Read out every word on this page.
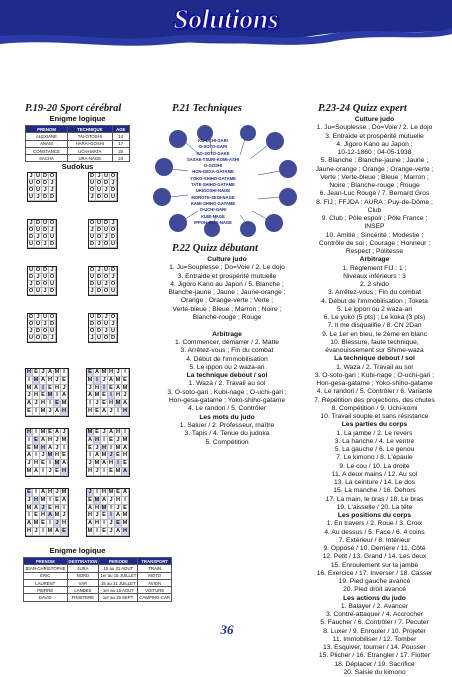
Solutions
P.19-20 Sport cérébral
Enigme logique
PRENOM	TECHNIQUE	AGE
ALEXIANE	TAI-OTOSHI	14
ANAIS	HARAI-GOSHI	17
CONSTANCE	UCHI-MATA	20
SACHA	URA-NAGE	23
Sudokus
J U D O
U O D J
O U J J
U J D D
D J U O
U O D J
O U J D
J D O U
J D U O
O U D J
D J O U
U O J D
O U D J
J D U O
U O J D
D J O U
U O D J
D J U O
J D O U
O U J D
O J U D
U D O J
D U J O
J D O U
D J U O
O U J D
J D O U
U O D J
U D J O
D O U J
O D J U
J U O D
H E J A M I
I M A H J E
M A I E H J
J H E M I A
A J H I E M
E I M J A H
E A M H J I
M I J A M E
J H I E A M
A M E I H J
I J E H M A
H E A J I H
H I M E A J
I E A H J M
E M H A J I
A I J M H E
J H E I M A
M A I J E H
M E J A H I
A H I E J M
E J H I M A
I A M J E H
J M A H I E
H J I E M A
E I A H J M
J H M I E A
M A J E H I
I E H A M J
A M E I J H
H J I M A E
J I H M E A
E M A J H I
A H M I J E
H J E I A M
A H I J E M
M I E J A H
Enigme logique
PRENOM	DESTINATION	PERIODE	TRANSPORT
JEAN-CHRISTOPHE	JURA	15 au 31 AOUT	TRAIN
ERIC	NORD	1er au 15 JUILLET	MOTO
LAURENT	VAR	15 au 31 JUILLET	AVION
PIERRE	LANDES	1er au 15 AOUT	VOITURE
DAVID	FINISTERE	1er au 15 SEPT.	CAMPING-CAR
P.21 Techniques
KO-UCHI-GARI
O-SOTO-GARI
KO-SOTO-GAKE
SASAE-TSURI-KOMI-ASHI
O-GOSHI
HON-GESA-GATAME
YOKO-SHIHO-GATAME
TATE-SHIHO-GATAME
UKIGOSHI-NAGE
MOROTE-SEOI-NAGE
KAMI-SHIHO-GATAME
O-UCHI-GARI
KUBI-NAGE
IPPON-SEOI-NAGE
P.22 Quizz débutant
Culture judo
1. Ju=Souplesse ; Do=Voie / 2. Le dojo
3. Entraide et prospérité mutuelle
4. Jigoro Kano au Japon / 5. Blanche ;
Blanche-jaune ; Jaune ; Jaune-orange ;
Orange ; Orange-verte ; Verte ;
Verte-bleue ; Bleue ; Marron ; Noire ;
Blanche-rouge ; Rouge

Arbitrage
1. Commencer, démarrer / 2. Matte
3. Arrêtez-vous ; Fin du combat
4. Début de l'immobilisation
5. Le ippon ou 2 waza-ari
La technique debout / sol
1. Waza / 2. Travail au sol
3. O-soto-gari ; Kubi-nage ; O-uchi-gari ;
Hon-gesa-gatame ; Yoko-shiho-gatame
4. Le randori / 5. Contrôler
Les mots du judo
1. Saluer / 2. Professeur, maître
3. Tapis / 4. Tenue du judoka
5. Compétition
P.23-24 Quizz expert
Culture judo
1. Ju=Souplesse ; Do=Voie / 2. Le dojo
3. Entraide et prospérité mutuelle
4. Jigoro Kano au Japon ;
10-12-1860 ; 04-05-1938
5. Blanche ; Blanche-jaune ; Jaune ;
Jaune-orange ; Orange ; Orange-verte ;
Verte ; Verte-bleue ; Bleue ; Marron ;
Noire ; Blanche-rouge ; Rouge
6. Jean-Luc Rougé / 7. Bernard Gros
8. FIJ ; FFJDA ; AURA ; Puy-de-Dôme ;
Club
9. Club ; Pôle espoir ; Pôle France ;
INSEP
10. Amitié ; Sincérité ; Modestie ;
Contrôle de soi ; Courage ; Honneur ;
Respect ; Politesse
Arbitrage
1. Règlement FIJ : 1 ;
Niveaux inférieurs : 3
2. 2 shido
3. Arrêtez-vous ; Fin du combat
4. Début de l'immobilisation ; Toketa
5. Le ippon ou 2 waza-ari
6. Le yuko (5 pts) ; Le koka (3 pts)
7. Il me disqualifie / 8. CN 2Dan
9. Le 1er en bleu, le 2ème en blanc
10. Blessure, faute technique,
évanouissement sur Shime-waza
La technique debout / sol
1. Waza / 2. Travail au sol
3. O-soto-gari ; Kubi-nage ; O-uchi-gari ;
Hon-gesa-gatame ; Yoko-shiho-gatame
4. Le randori / 5. Contrôler / 6. Variante
7. Répétition des projections, des chutes
8. Compétition / 9. Uchi-komi
10. Travail souple et sans résistance
Les parties du corps
1. La jambe / 2. Le revers
3. La hanche / 4. Le ventre
5. La gauche / 6. Le genou
7. Le kimono / 8. L'épaule
9. Le cou / 10. La droite
11. A deux mains / 12. Au sol
13. La ceinture / 14. Le dos
15. La manche / 16. Dehors
17. La main, le bras / 18. Le bras
19. L'aisselle / 20. La tête
Les positions du corps
1. En travers / 2. Roue / 3. Croix
4. Au dessus / 5. Face / 6. 4 coins
7. Extérieur / 8. Intérieur
9. Opposé / 10. Derrière / 11. Côté
12. Petit / 13. Grand / 14. Les deux
15. Enroulement sur la jambe
16. Exercice / 17. Inverser / 18. Casser
19. Pied gauche avancé
20. Pied droit avancé
Les actions du judo
1. Balayer / 2. Avancer
3. Contre-attaquer / 4. Accrocher
5. Faucher / 6. Contrôler / 7. Pecuter
8. Luxer / 9. Enrouler / 10. Projeter
11. Immobiliser / 12. Tomber
13. Esquiver, tourner / 14. Pousser
15. Plicher / 16. Etrangler / 17. Flotter
18. Déplacer / 19. Sacrifice
20. Saisie du kimono
36
